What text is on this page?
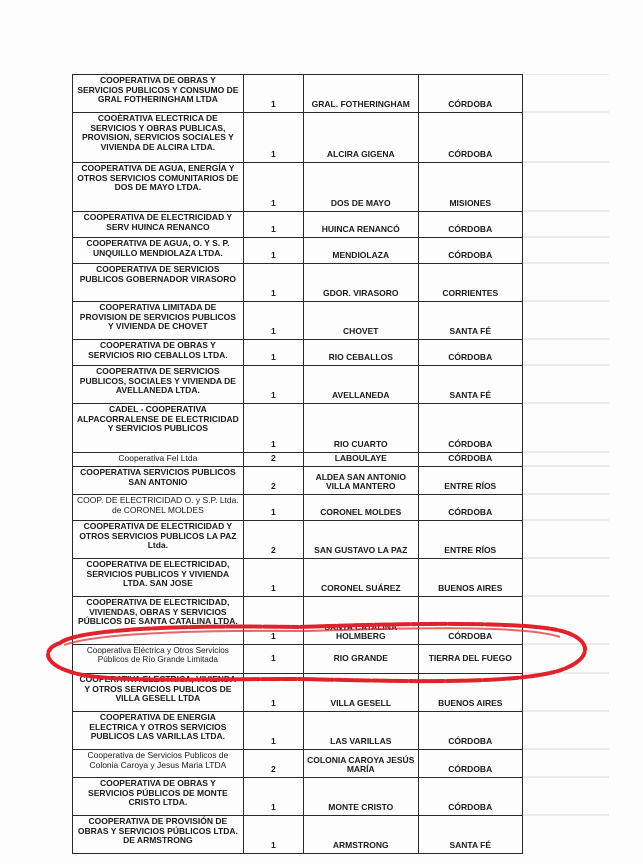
COOPERATIVA DE OBRAS Y SERVICIOS PUBLICOS Y CONSUMO DE GRAL FOTHERINGHAM LTDA	1	GRAL. FOTHERINGHAM	CÓRDOBA
COOÈRATIVA ELECTRICA DE SERVICIOS Y OBRAS PUBLICAS, PROVISION, SERVICIOS SOCIALES Y VIVIENDA DE ALCIRA LTDA.	1	ALCIRA GIGENA	CÓRDOBA
COOPERATIVA DE AGUA, ENERGÍA Y OTROS SERVICIOS COMUNITARIOS DE DOS DE MAYO LTDA.	1	DOS DE MAYO	MISIONES
COOPERATIVA DE ELECTRICIDAD Y SERV HUINCA RENANCO	1	HUINCA RENANCÓ	CÓRDOBA
COOPERATIVA DE AGUA, O. Y S. P. UNQUILLO MENDIOLAZA LTDA.	1	MENDIOLAZA	CÓRDOBA
COOPERATIVA DE SERVICIOS PUBLICOS GOBERNADOR VIRASORO	1	GDOR. VIRASORO	CORRIENTES
COOPERATIVA LIMITADA DE PROVISION DE SERVICIOS PUBLICOS Y VIVIENDA DE CHOVET	1	CHOVET	SANTA FÉ
COOPERATIVA DE OBRAS Y SERVICIOS RIO CEBALLOS LTDA.	1	RIO CEBALLOS	CÓRDOBA
COOPERATIVA DE SERVICIOS PUBLICOS, SOCIALES Y VIVIENDA DE AVELLANEDA LTDA.	1	AVELLANEDA	SANTA FÉ
CADEL - COOPERATIVA ALPACORRALENSE DE ELECTRICIDAD Y SERVICIOS PUBLICOS	1	RIO CUARTO	CÓRDOBA
Cooperativa Fel Ltda	2	LABOULAYE	CÓRDOBA
COOPERATIVA SERVICIOS PUBLICOS SAN ANTONIO	2	ALDEA SAN ANTONIO VILLA MANTERO	ENTRE RÍOS
COOP. DE ELECTRICIDAD O. y S.P. Ltda. de CORONEL MOLDES	1	CORONEL MOLDES	CÓRDOBA
COOPERATIVA DE ELECTRICIDAD Y OTROS SERVICIOS PUBLICOS LA PAZ Ltda.	2	SAN GUSTAVO LA PAZ	ENTRE RÍOS
COOPERATIVA DE ELECTRICIDAD, SERVICIOS PUBLICOS Y VIVIENDA LTDA. SAN JOSE	1	CORONEL SUÁREZ	BUENOS AIRES
COOPERATIVA DE ELECTRICIDAD, VIVIENDAS, OBRAS Y SERVICIOS PÚBLICOS DE SANTA CATALINA LTDA.	1	SANTA CATALINA HOLMBERG	CÓRDOBA
Cooperativa Eléctrica y Otros Servicios Públicos de Río Grande Limitada	1	RIO GRANDE	TIERRA DEL FUEGO
COOPERATIVA ELECTRICA, VIVIENDA Y OTROS SERVICIOS PUBLICOS DE VILLA GESELL LTDA	1	VILLA GESELL	BUENOS AIRES
COOPERATIVA DE ENERGIA ELECTRICA Y OTROS SERVICIOS PUBLICOS LAS VARILLAS LTDA.	1	LAS VARILLAS	CÓRDOBA
Cooperativa de Servicios Publicos de Colonia Caroya y Jesus Maria LTDA	2	COLONIA CAROYA JESÚS MARÍA	CÓRDOBA
COOPERATIVA DE OBRAS Y SERVICIOS PÚBLICOS DE MONTE CRISTO LTDA.	1	MONTE CRISTO	CÓRDOBA
COOPERATIVA DE PROVISIÓN DE OBRAS Y SERVICIOS PÚBLICOS LTDA. DE ARMSTRONG	1	ARMSTRONG	SANTA FÉ
